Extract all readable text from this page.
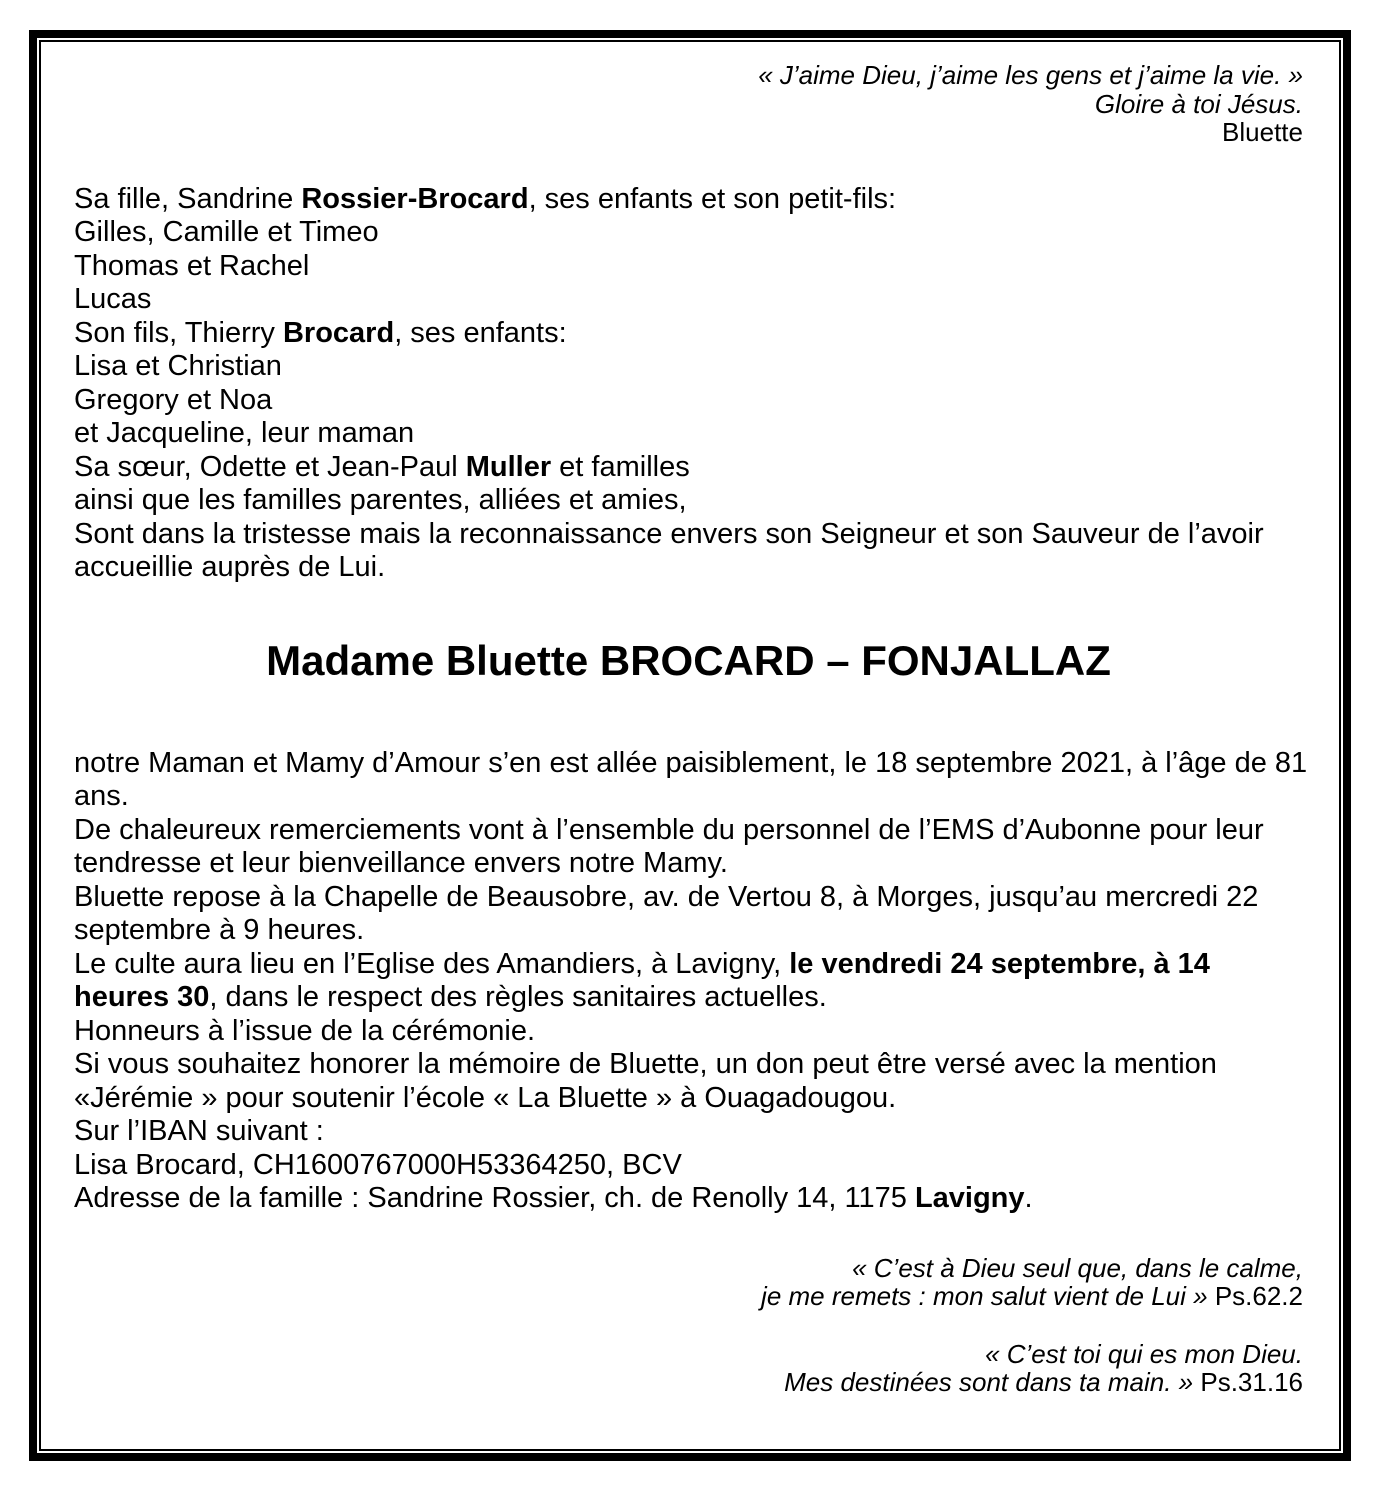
« J’aime Dieu, j’aime les gens et j’aime la vie. »
Gloire à toi Jésus.
Bluette
Sa fille, Sandrine Rossier-Brocard, ses enfants et son petit-fils:
Gilles, Camille et Timeo
Thomas et Rachel
Lucas
Son fils, Thierry Brocard, ses enfants:
Lisa et Christian
Gregory et Noa
et Jacqueline, leur maman
Sa sœur, Odette et Jean-Paul Muller et familles
ainsi que les familles parentes, alliées et amies,
Sont dans la tristesse mais la reconnaissance envers son Seigneur et son Sauveur de l’avoir
accueillie auprès de Lui.
Madame Bluette BROCARD – FONJALLAZ
notre Maman et Mamy d’Amour s’en est allée paisiblement, le 18 septembre 2021, à l’âge de 81
ans.
De chaleureux remerciements vont à l’ensemble du personnel de l’EMS d’Aubonne pour leur
tendresse et leur bienveillance envers notre Mamy.
Bluette repose à la Chapelle de Beausobre, av. de Vertou 8, à Morges, jusqu’au mercredi 22
septembre à 9 heures.
Le culte aura lieu en l’Eglise des Amandiers, à Lavigny, le vendredi 24 septembre, à 14
heures 30, dans le respect des règles sanitaires actuelles.
Honneurs à l’issue de la cérémonie.
Si vous souhaitez honorer la mémoire de Bluette, un don peut être versé avec la mention
«Jérémie » pour soutenir l’école « La Bluette » à Ouagadougou.
Sur l’IBAN suivant :
Lisa Brocard, CH1600767000H53364250, BCV
Adresse de la famille : Sandrine Rossier, ch. de Renolly 14, 1175 Lavigny.
« C’est à Dieu seul que, dans le calme,
je me remets : mon salut vient de Lui » Ps.62.2
« C’est toi qui es mon Dieu.
Mes destinées sont dans ta main. » Ps.31.16
